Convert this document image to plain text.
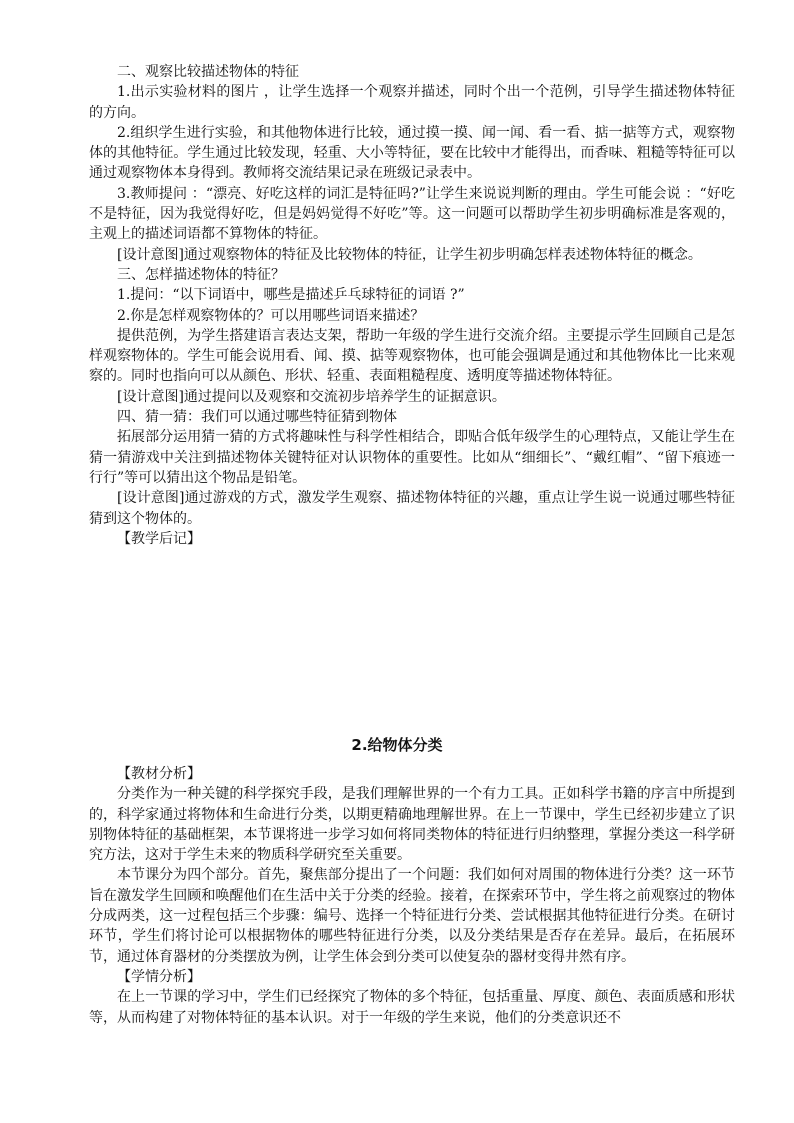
二、观察比较描述物体的特征

1.出示实验材料的图片 ，让学生选择一个观察并描述，同时个出一个范例，引导学生描述物体特征的方向。

2.组织学生进行实验，和其他物体进行比较，通过摸一摸、闻一闻、看一看、掂一掂等方式，观察物体的其他特征。学生通过比较发现，轻重、大小等特征，要在比较中才能得出，而香味、粗糙等特征可以通过观察物体本身得到。教师将交流结果记录在班级记录表中。

3.教师提问 ：“漂亮、好吃这样的词汇是特征吗?”让学生来说说判断的理由。学生可能会说 ：“好吃不是特征，因为我觉得好吃，但是妈妈觉得不好吃”等。这一问题可以帮助学生初步明确标准是客观的，主观上的描述词语都不算物体的特征。

[设计意图]通过观察物体的特征及比较物体的特征，让学生初步明确怎样表述物体特征的概念。

三、怎样描述物体的特征？

1.提问：“以下词语中，哪些是描述乒乓球特征的词语 ?”

2.你是怎样观察物体的？可以用哪些词语来描述？

提供范例，为学生搭建语言表达支架，帮助一年级的学生进行交流介绍。主要提示学生回顾自己是怎样观察物体的。学生可能会说用看、闻、摸、掂等观察物体，也可能会强调是通过和其他物体比一比来观察的。同时也指向可以从颜色、形状、轻重、表面粗糙程度、透明度等描述物体特征。

[设计意图]通过提问以及观察和交流初步培养学生的证据意识。

四、猜一猜：我们可以通过哪些特征猜到物体

拓展部分运用猜一猜的方式将趣味性与科学性相结合，即贴合低年级学生的心理特点，又能让学生在猜一猜游戏中关注到描述物体关键特征对认识物体的重要性。比如从“细细长”、“戴红帽”、“留下痕迹一行行”等可以猜出这个物品是铅笔。

[设计意图]通过游戏的方式，激发学生观察、描述物体特征的兴趣，重点让学生说一说通过哪些特征猜到这个物体的。

【教学后记】

2.给物体分类

【教材分析】

分类作为一种关键的科学探究手段，是我们理解世界的一个有力工具。正如科学书籍的序言中所提到的，科学家通过将物体和生命进行分类，以期更精确地理解世界。在上一节课中，学生已经初步建立了识别物体特征的基础框架，本节课将进一步学习如何将同类物体的特征进行归纳整理，掌握分类这一科学研究方法，这对于学生未来的物质科学研究至关重要。

本节课分为四个部分。首先，聚焦部分提出了一个问题：我们如何对周围的物体进行分类？这一环节旨在激发学生回顾和唤醒他们在生活中关于分类的经验。接着，在探索环节中，学生将之前观察过的物体分成两类，这一过程包括三个步骤：编号、选择一个特征进行分类、尝试根据其他特征进行分类。在研讨环节，学生们将讨论可以根据物体的哪些特征进行分类，以及分类结果是否存在差异。最后，在拓展环节，通过体育器材的分类摆放为例，让学生体会到分类可以使复杂的器材变得井然有序。

【学情分析】

在上一节课的学习中，学生们已经探究了物体的多个特征，包括重量、厚度、颜色、表面质感和形状等，从而构建了对物体特征的基本认识。对于一年级的学生来说，他们的分类意识还不
